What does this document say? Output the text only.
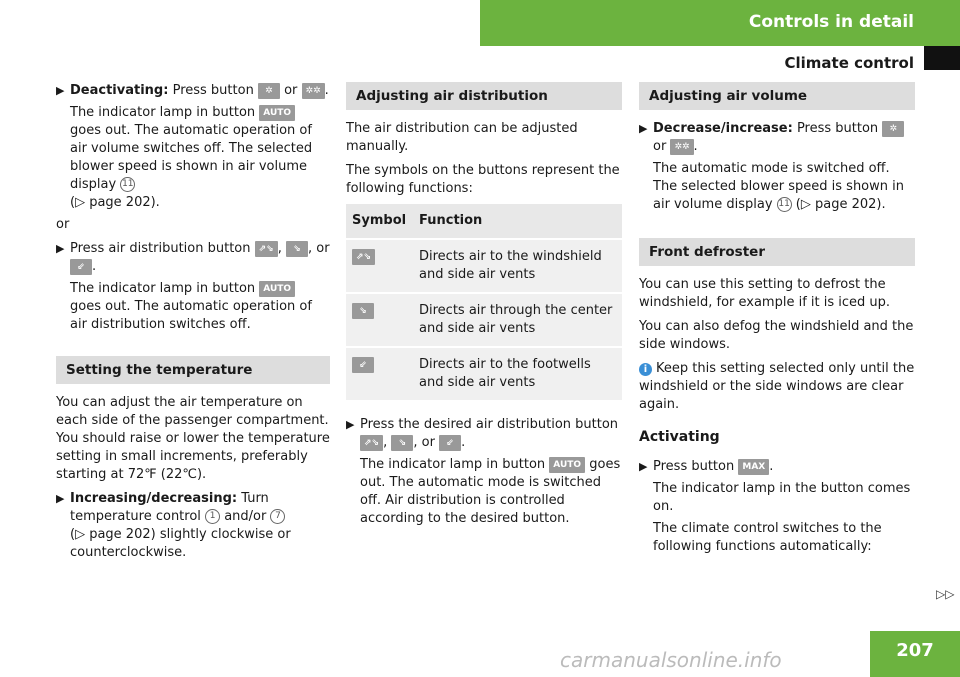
Controls in detail
Climate control
▶ Deactivating: Press button ✲ or ✲✲ .

The indicator lamp in button AUTO goes out. The automatic operation of air volume switches off. The selected blower speed is shown in air volume display 11
(▷ page 202).

or

▶ Press air distribution button ⇗⇘ , ⇘ , or ⇙ .

The indicator lamp in button AUTO goes out. The automatic operation of air distribution switches off.

Setting the temperature

You can adjust the air temperature on each side of the passenger compartment. You should raise or lower the temperature setting in small increments, preferably starting at 72℉ (22℃).

▶ Increasing/decreasing: Turn temperature control 1 and/or 7
(▷ page 202) slightly clockwise or counterclockwise.

Adjusting air distribution

The air distribution can be adjusted manually.

The symbols on the buttons represent the following functions:

Symbol	Function
⇗⇘	Directs air to the windshield and side air vents
⇘	Directs air through the center and side air vents
⇙	Directs air to the footwells and side air vents
▶ Press the desired air distribution button ⇗⇘ , ⇘ , or ⇙ .

The indicator lamp in button AUTO goes out. The automatic mode is switched off. Air distribution is controlled according to the desired button.

Adjusting air volume
▶ Decrease/increase: Press button ✲ or ✲✲ .

The automatic mode is switched off. The selected blower speed is shown in air volume display 11 (▷ page 202).

Front defroster

You can use this setting to defrost the windshield, for example if it is iced up.

You can also defog the windshield and the side windows.

i Keep this setting selected only until the windshield or the side windows are clear again.

Activating
▶ Press button MAX .

The indicator lamp in the button comes on.

The climate control switches to the following functions automatically:

▷▷
207
carmanualsonline.info
